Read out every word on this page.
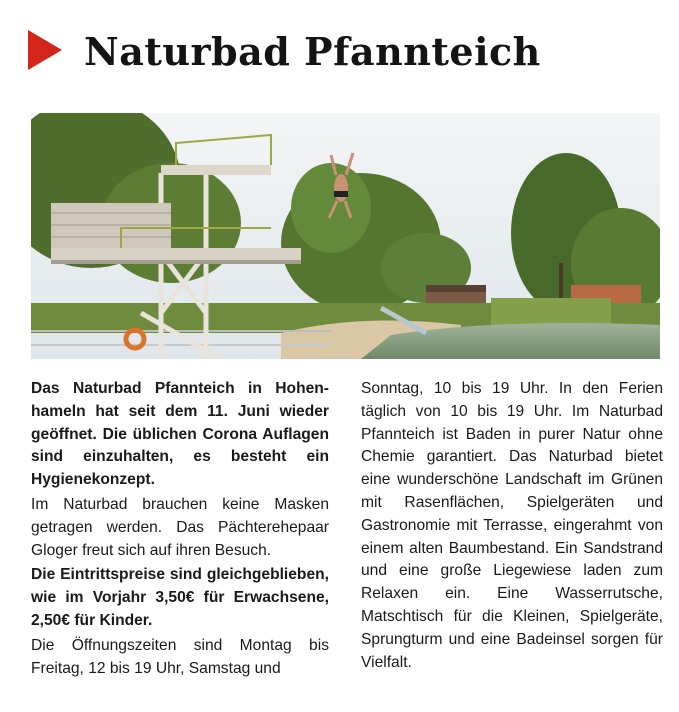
Naturbad Pfannteich

Das Naturbad Pfannteich in Hohenhameln hat seit dem 11. Juni wieder geöffnet. Die üblichen Corona Auflagen sind einzuhalten, es besteht ein Hygienekonzept.

Im Naturbad brauchen keine Masken getragen werden. Das Pächterehepaar Gloger freut sich auf ihren Besuch.

Die Eintrittspreise sind gleichgeblieben, wie im Vorjahr 3,50€ für Erwachsene, 2,50€ für Kinder.

Die Öffnungszeiten sind Montag bis Freitag, 12 bis 19 Uhr, Samstag und

Sonntag, 10 bis 19 Uhr. In den Ferien täglich von 10 bis 19 Uhr. Im Naturbad Pfannteich ist Baden in purer Natur ohne Chemie garantiert. Das Naturbad bietet eine wunderschöne Landschaft im Grünen mit Rasenflächen, Spielgeräten und Gastronomie mit Terrasse, eingerahmt von einem alten Baumbestand. Ein Sandstrand und eine große Liegewiese laden zum Relaxen ein. Eine Wasserrutsche, Matschtisch für die Kleinen, Spielgeräte, Sprungturm und eine Badeinsel sorgen für Vielfalt.
